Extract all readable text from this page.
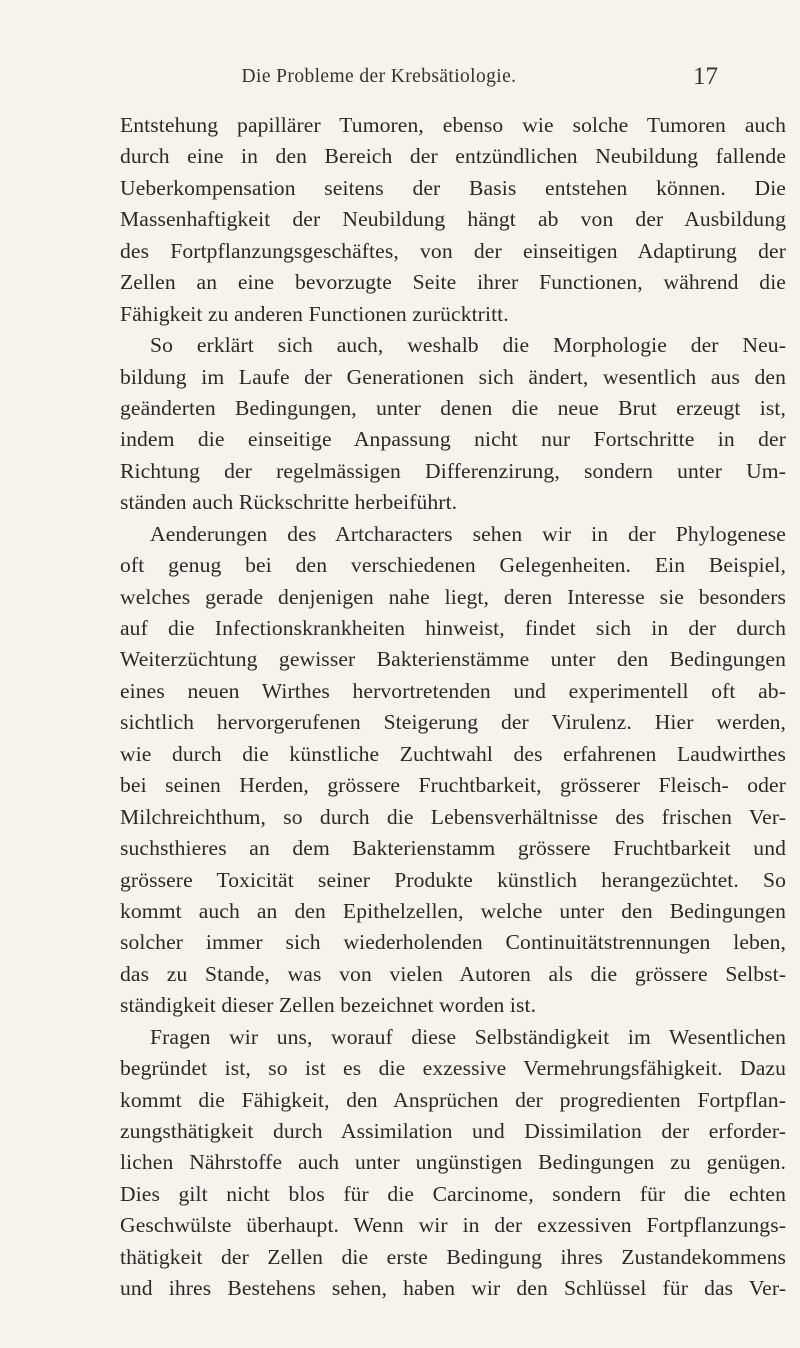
Die Probleme der Krebsätiologie.	17
Entstehung papillärer Tumoren, ebenso wie solche Tumoren auch
durch eine in den Bereich der entzündlichen Neubildung fallende
Ueberkompensation seitens der Basis entstehen können. Die
Massenhaftigkeit der Neubildung hängt ab von der Ausbildung
des Fortpflanzungsgeschäftes, von der einseitigen Adaptirung der
Zellen an eine bevorzugte Seite ihrer Functionen, während die
Fähigkeit zu anderen Functionen zurücktritt.
So erklärt sich auch, weshalb die Morphologie der Neu-
bildung im Laufe der Generationen sich ändert, wesentlich aus den
geänderten Bedingungen, unter denen die neue Brut erzeugt ist,
indem die einseitige Anpassung nicht nur Fortschritte in der
Richtung der regelmässigen Differenzirung, sondern unter Um-
ständen auch Rückschritte herbeiführt.
Aenderungen des Artcharacters sehen wir in der Phylogenese
oft genug bei den verschiedenen Gelegenheiten. Ein Beispiel,
welches gerade denjenigen nahe liegt, deren Interesse sie besonders
auf die Infectionskrankheiten hinweist, findet sich in der durch
Weiterzüchtung gewisser Bakterienstämme unter den Bedingungen
eines neuen Wirthes hervortretenden und experimentell oft ab-
sichtlich hervorgerufenen Steigerung der Virulenz. Hier werden,
wie durch die künstliche Zuchtwahl des erfahrenen Laudwirthes
bei seinen Herden, grössere Fruchtbarkeit, grösserer Fleisch- oder
Milchreichthum, so durch die Lebensverhältnisse des frischen Ver-
suchsthieres an dem Bakterienstamm grössere Fruchtbarkeit und
grössere Toxicität seiner Produkte künstlich herangezüchtet. So
kommt auch an den Epithelzellen, welche unter den Bedingungen
solcher immer sich wiederholenden Continuitätstrennungen leben,
das zu Stande, was von vielen Autoren als die grössere Selbst-
ständigkeit dieser Zellen bezeichnet worden ist.
Fragen wir uns, worauf diese Selbständigkeit im Wesentlichen
begründet ist, so ist es die exzessive Vermehrungsfähigkeit. Dazu
kommt die Fähigkeit, den Ansprüchen der progredienten Fortpflan-
zungsthätigkeit durch Assimilation und Dissimilation der erforder-
lichen Nährstoffe auch unter ungünstigen Bedingungen zu genügen.
Dies gilt nicht blos für die Carcinome, sondern für die echten
Geschwülste überhaupt. Wenn wir in der exzessiven Fortpflanzungs-
thätigkeit der Zellen die erste Bedingung ihres Zustandekommens
und ihres Bestehens sehen, haben wir den Schlüssel für das Ver-
